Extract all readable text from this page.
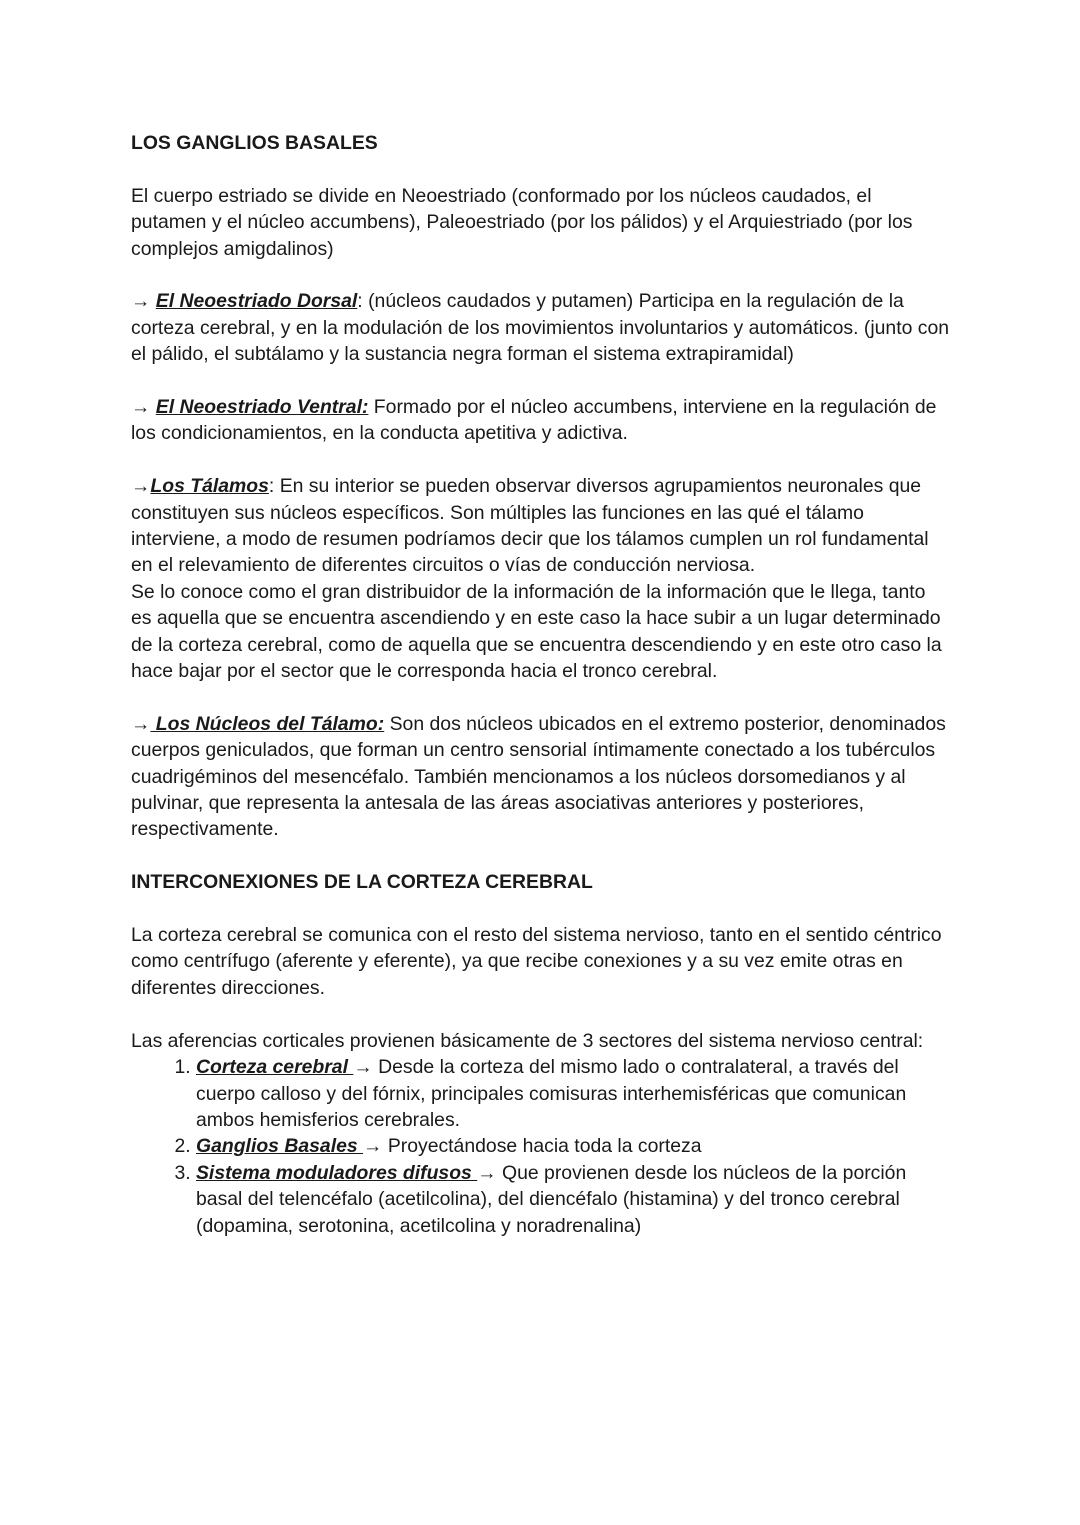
LOS GANGLIOS BASALES

El cuerpo estriado se divide en Neoestriado (conformado por los núcleos caudados, el putamen y el núcleo accumbens), Paleoestriado (por los pálidos) y el Arquiestriado (por los complejos amigdalinos)

→ El Neoestriado Dorsal: (núcleos caudados y putamen) Participa en la regulación de la corteza cerebral, y en la modulación de los movimientos involuntarios y automáticos. (junto con el pálido, el subtálamo y la sustancia negra forman el sistema extrapiramidal)

→ El Neoestriado Ventral: Formado por el núcleo accumbens, interviene en la regulación de los condicionamientos, en la conducta apetitiva y adictiva.

→Los Tálamos: En su interior se pueden observar diversos agrupamientos neuronales que constituyen sus núcleos específicos. Son múltiples las funciones en las qué el tálamo interviene, a modo de resumen podríamos decir que los tálamos cumplen un rol fundamental en el relevamiento de diferentes circuitos o vías de conducción nerviosa.

Se lo conoce como el gran distribuidor de la información de la información que le llega, tanto es aquella que se encuentra ascendiendo y en este caso la hace subir a un lugar determinado de la corteza cerebral, como de aquella que se encuentra descendiendo y en este otro caso la hace bajar por el sector que le corresponda hacia el tronco cerebral.

→ Los Núcleos del Tálamo: Son dos núcleos ubicados en el extremo posterior, denominados cuerpos geniculados, que forman un centro sensorial íntimamente conectado a los tubérculos cuadrigéminos del mesencéfalo. También mencionamos a los núcleos dorsomedianos y al pulvinar, que representa la antesala de las áreas asociativas anteriores y posteriores, respectivamente.

INTERCONEXIONES DE LA CORTEZA CEREBRAL

La corteza cerebral se comunica con el resto del sistema nervioso, tanto en el sentido céntrico como centrífugo (aferente y eferente), ya que recibe conexiones y a su vez emite otras en diferentes direcciones.

Las aferencias corticales provienen básicamente de 3 sectores del sistema nervioso central:

1. Corteza cerebral → Desde la corteza del mismo lado o contralateral, a través del cuerpo calloso y del fórnix, principales comisuras interhemisféricas que comunican ambos hemisferios cerebrales.
2. Ganglios Basales → Proyectándose hacia toda la corteza
3. Sistema moduladores difusos → Que provienen desde los núcleos de la porción basal del telencéfalo (acetilcolina), del diencéfalo (histamina) y del tronco cerebral (dopamina, serotonina, acetilcolina y noradrenalina)
